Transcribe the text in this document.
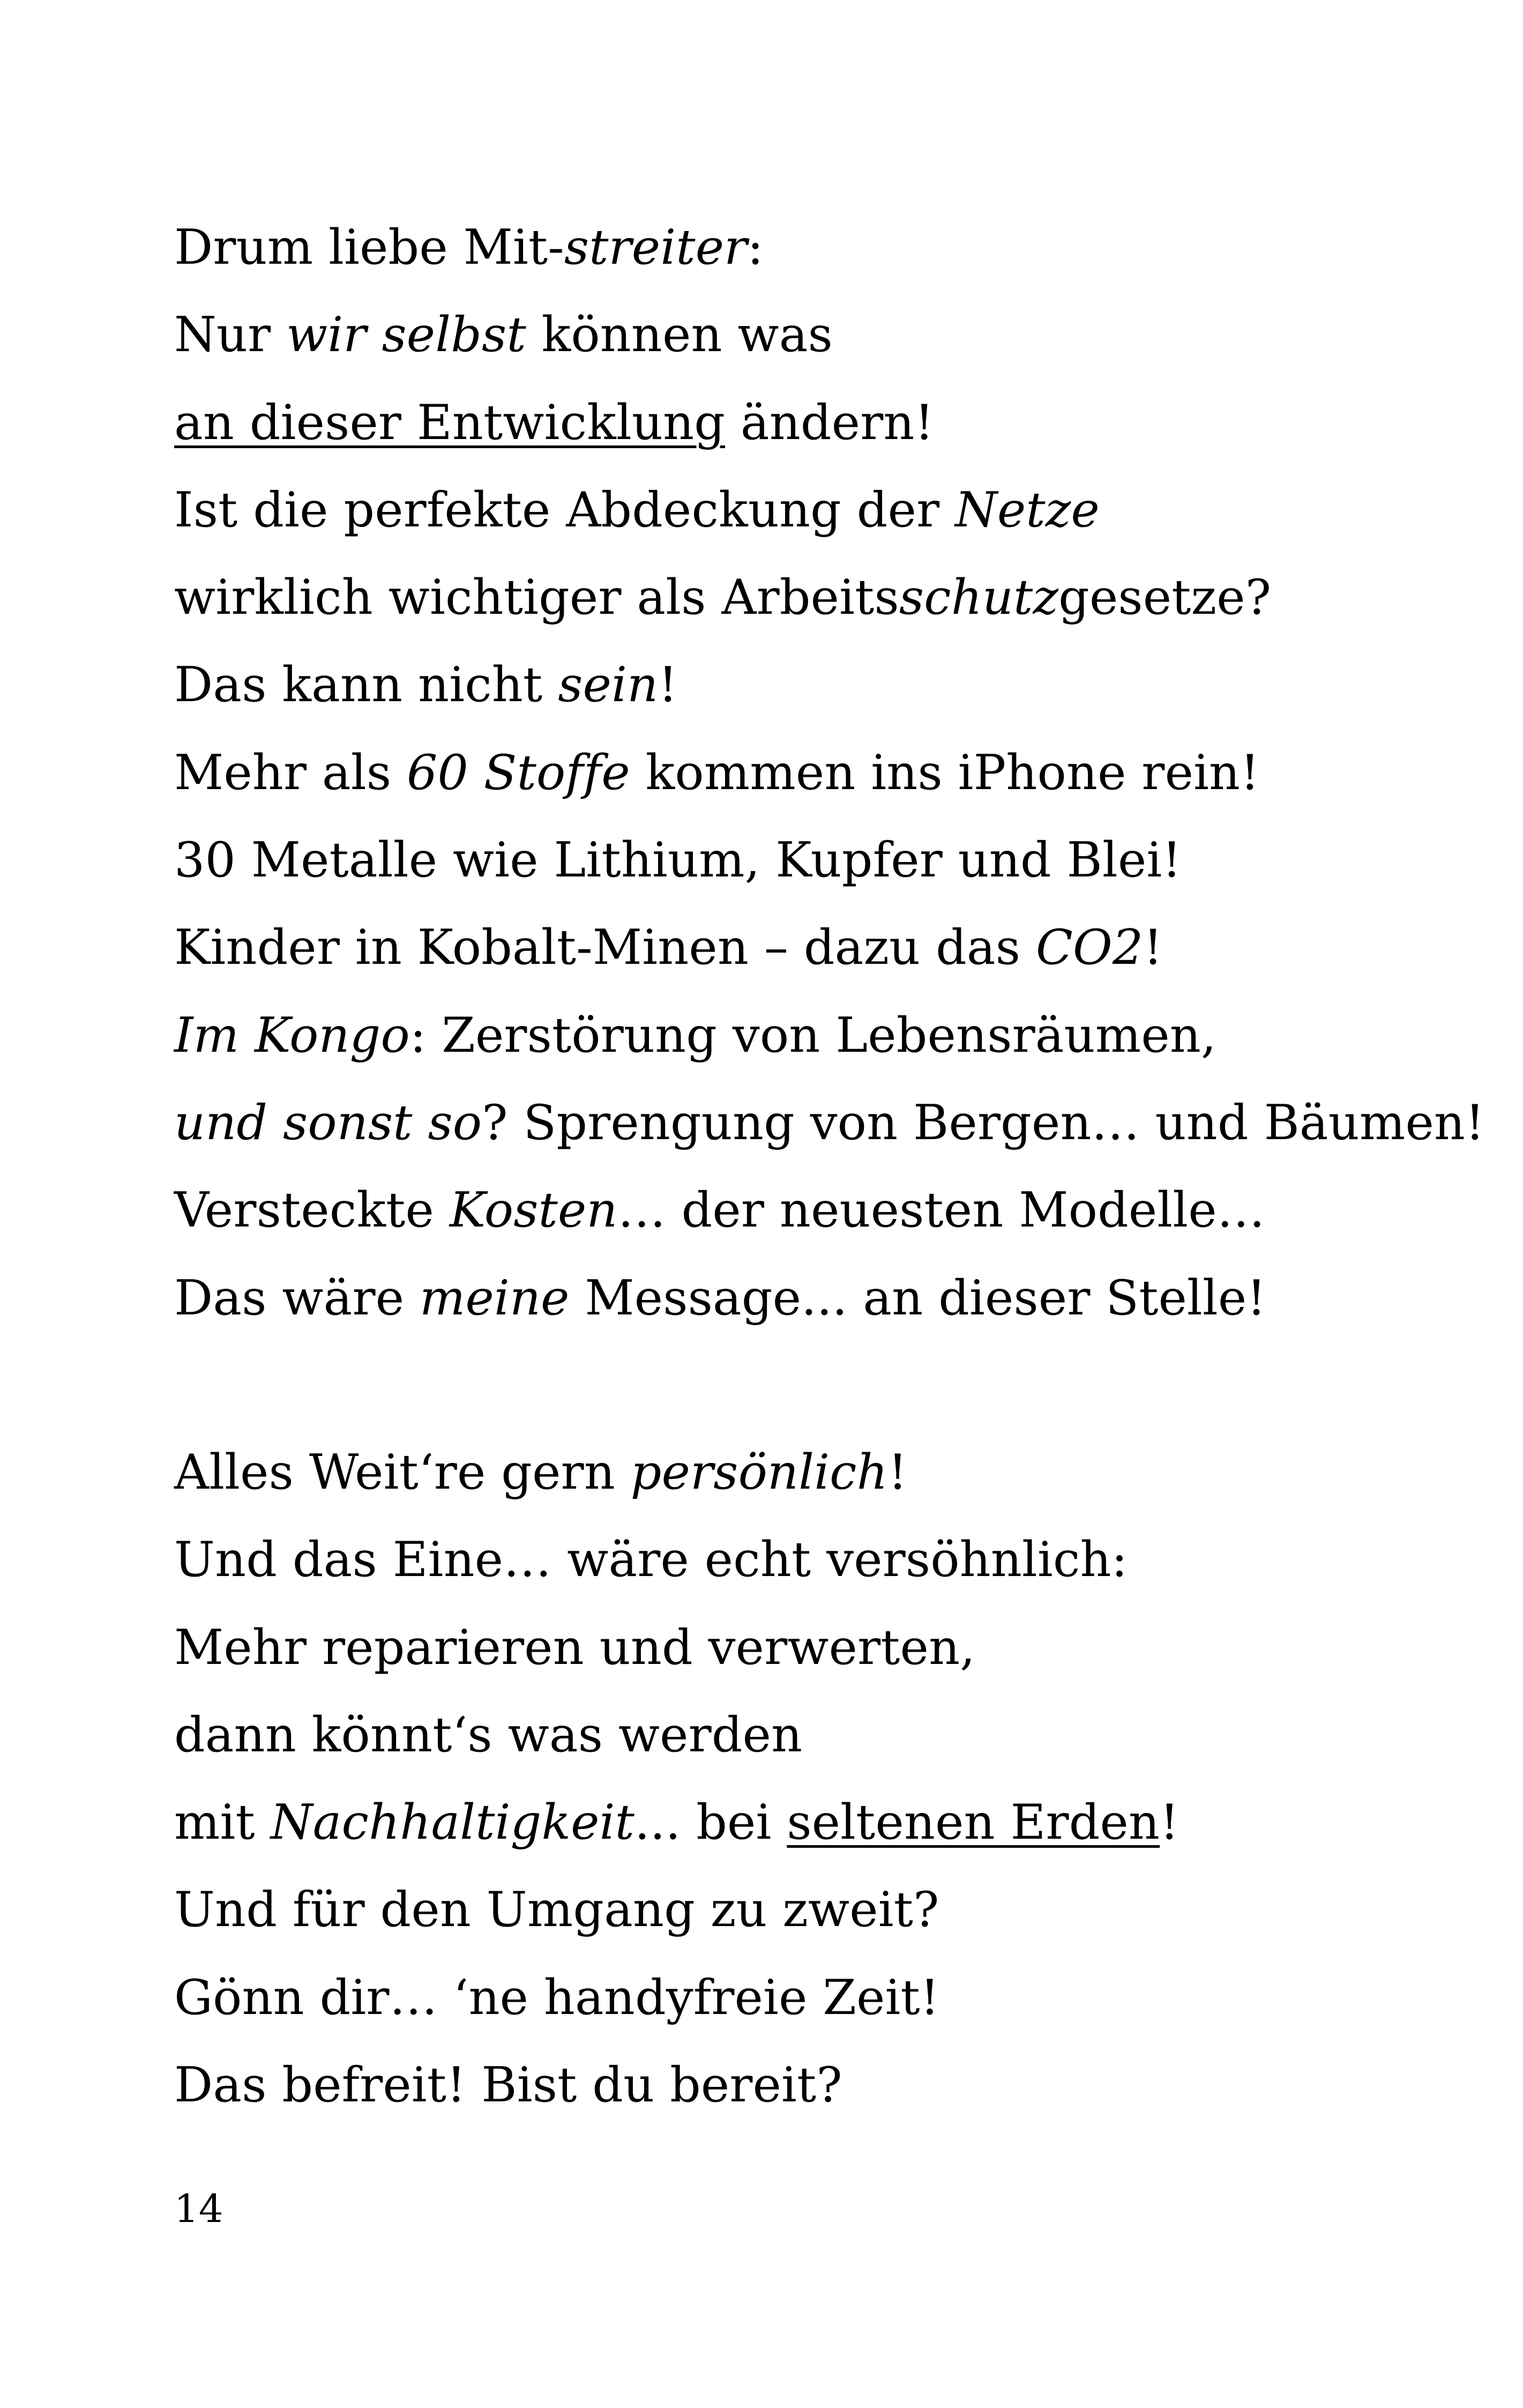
Drum liebe Mit-streiter:
Nur wir selbst können was
an dieser Entwicklung ändern!
Ist die perfekte Abdeckung der Netze
wirklich wichtiger als Arbeitsschutzgesetze?
Das kann nicht sein!
Mehr als 60 Stoffe kommen ins iPhone rein!
30 Metalle wie Lithium, Kupfer und Blei!
Kinder in Kobalt-Minen – dazu das CO2!
Im Kongo: Zerstörung von Lebensräumen,
und sonst so? Sprengung von Bergen… und Bäumen!
Versteckte Kosten… der neuesten Modelle…
Das wäre meine Message... an dieser Stelle!
Alles Weit‘re gern persönlich!
Und das Eine… wäre echt versöhnlich:
Mehr reparieren und verwerten,
dann könnt‘s was werden
mit Nachhaltigkeit... bei seltenen Erden!
Und für den Umgang zu zweit?
Gönn dir… ‘ne handyfreie Zeit!
Das befreit! Bist du bereit?
14
